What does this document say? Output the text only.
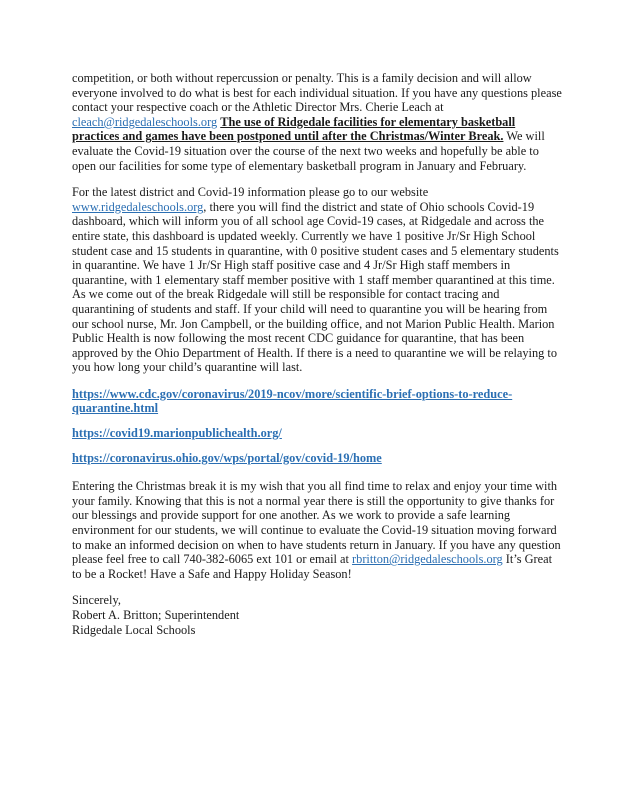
competition, or both without repercussion or penalty. This is a family decision and will allow everyone involved to do what is best for each individual situation. If you have any questions please contact your respective coach or the Athletic Director Mrs. Cherie Leach at cleach@ridgedaleschools.org The use of Ridgedale facilities for elementary basketball practices and games have been postponed until after the Christmas/Winter Break. We will evaluate the Covid-19 situation over the course of the next two weeks and hopefully be able to open our facilities for some type of elementary basketball program in January and February.

For the latest district and Covid-19 information please go to our website www.ridgedaleschools.org, there you will find the district and state of Ohio schools Covid-19 dashboard, which will inform you of all school age Covid-19 cases, at Ridgedale and across the entire state, this dashboard is updated weekly. Currently we have 1 positive Jr/Sr High School student case and 15 students in quarantine, with 0 positive student cases and 5 elementary students in quarantine. We have 1 Jr/Sr High staff positive case and 4 Jr/Sr High staff members in quarantine, with 1 elementary staff member positive with 1 staff member quarantined at this time. As we come out of the break Ridgedale will still be responsible for contact tracing and quarantining of students and staff. If your child will need to quarantine you will be hearing from our school nurse, Mr. Jon Campbell, or the building office, and not Marion Public Health. Marion Public Health is now following the most recent CDC guidance for quarantine, that has been approved by the Ohio Department of Health. If there is a need to quarantine we will be relaying to you how long your child’s quarantine will last.

https://www.cdc.gov/coronavirus/2019-ncov/more/scientific-brief-options-to-reduce-quarantine.html

https://covid19.marionpublichealth.org/

https://coronavirus.ohio.gov/wps/portal/gov/covid-19/home

Entering the Christmas break it is my wish that you all find time to relax and enjoy your time with your family. Knowing that this is not a normal year there is still the opportunity to give thanks for our blessings and provide support for one another. As we work to provide a safe learning environment for our students, we will continue to evaluate the Covid-19 situation moving forward to make an informed decision on when to have students return in January. If you have any question please feel free to call 740-382-6065 ext 101 or email at rbritton@ridgedaleschools.org It’s Great to be a Rocket! Have a Safe and Happy Holiday Season!

Sincerely,
Robert A. Britton; Superintendent
Ridgedale Local Schools
